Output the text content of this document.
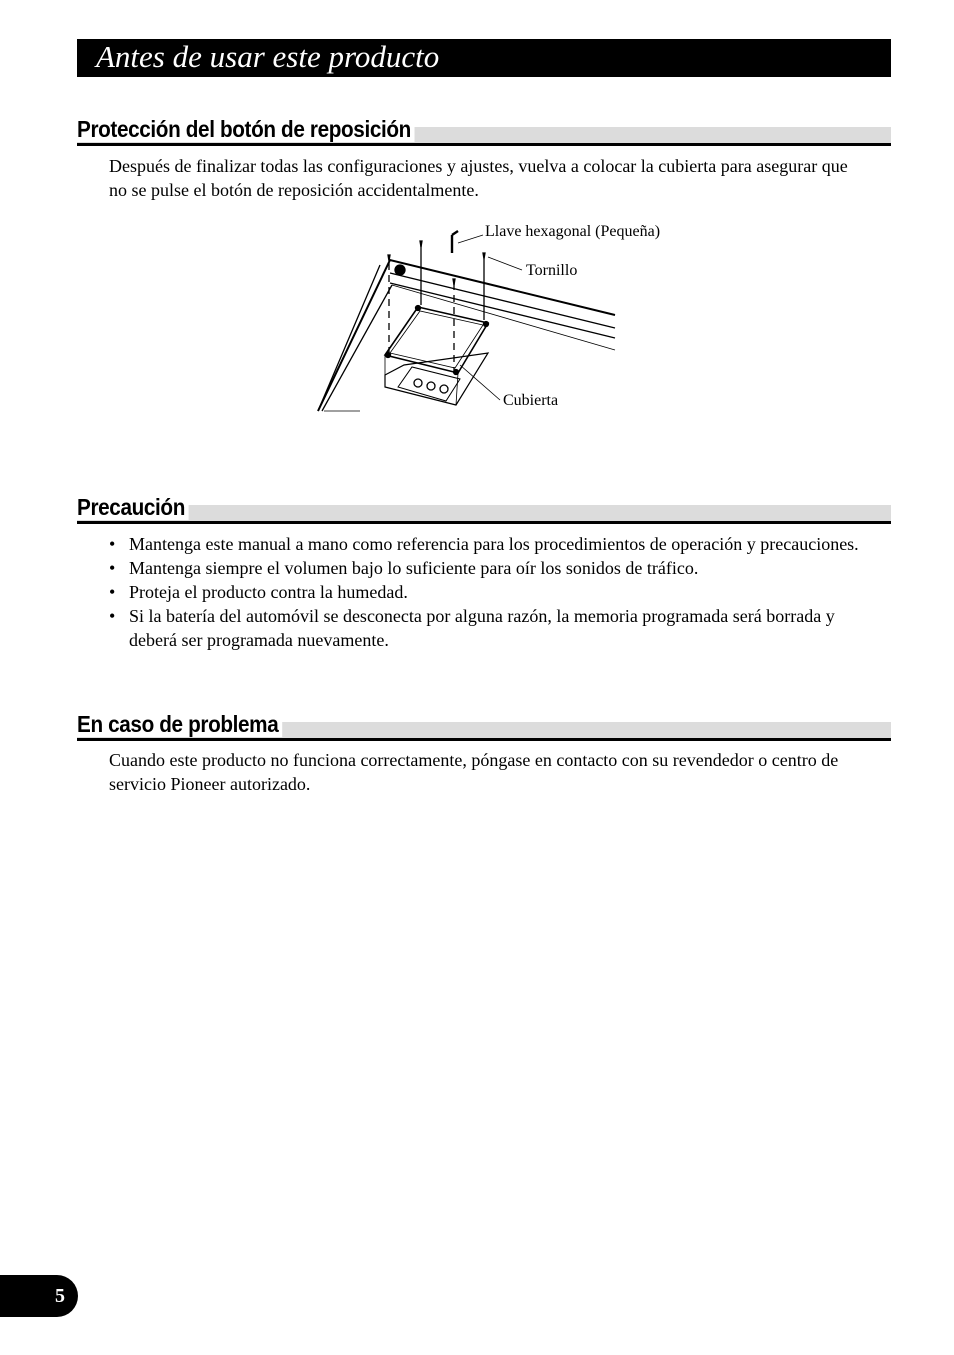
Antes de usar este producto
Protección del botón de reposición

Después de finalizar todas las configuraciones y ajustes, vuelva a colocar la cubierta para asegurar que no se pulse el botón de reposición accidentalmente.

Llave hexagonal (Pequeña)
Tornillo
Cubierta
Precaución
• Mantenga este manual a mano como referencia para los procedimientos de operación y precauciones.
• Mantenga siempre el volumen bajo lo suficiente para oír los sonidos de tráfico.
• Proteja el producto contra la humedad.
• Si la batería del automóvil se desconecta por alguna razón, la memoria programada será borrada y deberá ser programada nuevamente.
En caso de problema

Cuando este producto no funciona correctamente, póngase en contacto con su revendedor o centro de servicio Pioneer autorizado.

5
